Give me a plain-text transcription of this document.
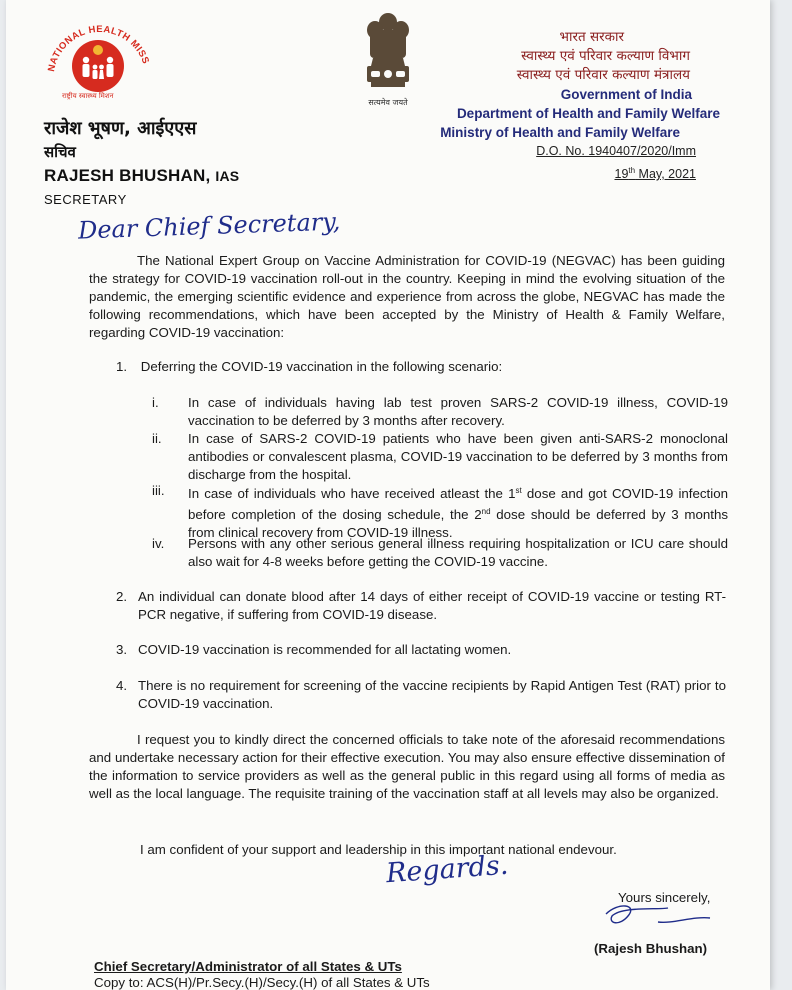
NATIONAL HEALTH MISS
राष्ट्रीय स्वास्थ्य मिशन
सत्यमेव जयते
राजेश भूषण, आईएएस
सचिव
RAJESH BHUSHAN, IAS
SECRETARY
भारत सरकार
स्वास्थ्य एवं परिवार कल्याण विभाग
स्वास्थ्य एवं परिवार कल्याण मंत्रालय
Government of India
Department of Health and Family Welfare
Ministry of Health and Family Welfare
D.O. No. 1940407/2020/Imm
19th May, 2021
Dear Chief Secretary,
The National Expert Group on Vaccine Administration for COVID-19 (NEGVAC) has been guiding the strategy for COVID-19 vaccination roll-out in the country. Keeping in mind the evolving situation of the pandemic, the emerging scientific evidence and experience from across the globe, NEGVAC has made the following recommendations, which have been accepted by the Ministry of Health & Family Welfare, regarding COVID-19 vaccination:
1. Deferring the COVID-19 vaccination in the following scenario:
i.	In case of individuals having lab test proven SARS-2 COVID-19 illness, COVID-19 vaccination to be deferred by 3 months after recovery.
ii.	In case of SARS-2 COVID-19 patients who have been given anti-SARS-2 monoclonal antibodies or convalescent plasma, COVID-19 vaccination to be deferred by 3 months from discharge from the hospital.
iii.	In case of individuals who have received atleast the 1st dose and got COVID-19 infection before completion of the dosing schedule, the 2nd dose should be deferred by 3 months from clinical recovery from COVID-19 illness.
iv.	Persons with any other serious general illness requiring hospitalization or ICU care should also wait for 4-8 weeks before getting the COVID-19 vaccine.
2. An individual can donate blood after 14 days of either receipt of COVID-19 vaccine or testing RT-PCR negative, if suffering from COVID-19 disease.
3. COVID-19 vaccination is recommended for all lactating women.
4. There is no requirement for screening of the vaccine recipients by Rapid Antigen Test (RAT) prior to COVID-19 vaccination.
I request you to kindly direct the concerned officials to take note of the aforesaid recommendations and undertake necessary action for their effective execution. You may also ensure effective dissemination of the information to service providers as well as the general public in this regard using all forms of media as well as the local language. The requisite training of the vaccination staff at all levels may also be organized.
I am confident of your support and leadership in this important national endevour.
Regards.
Yours sincerely,
(Rajesh Bhushan)
Chief Secretary/Administrator of all States & UTs
Copy to: ACS(H)/Pr.Secy.(H)/Secy.(H) of all States & UTs
